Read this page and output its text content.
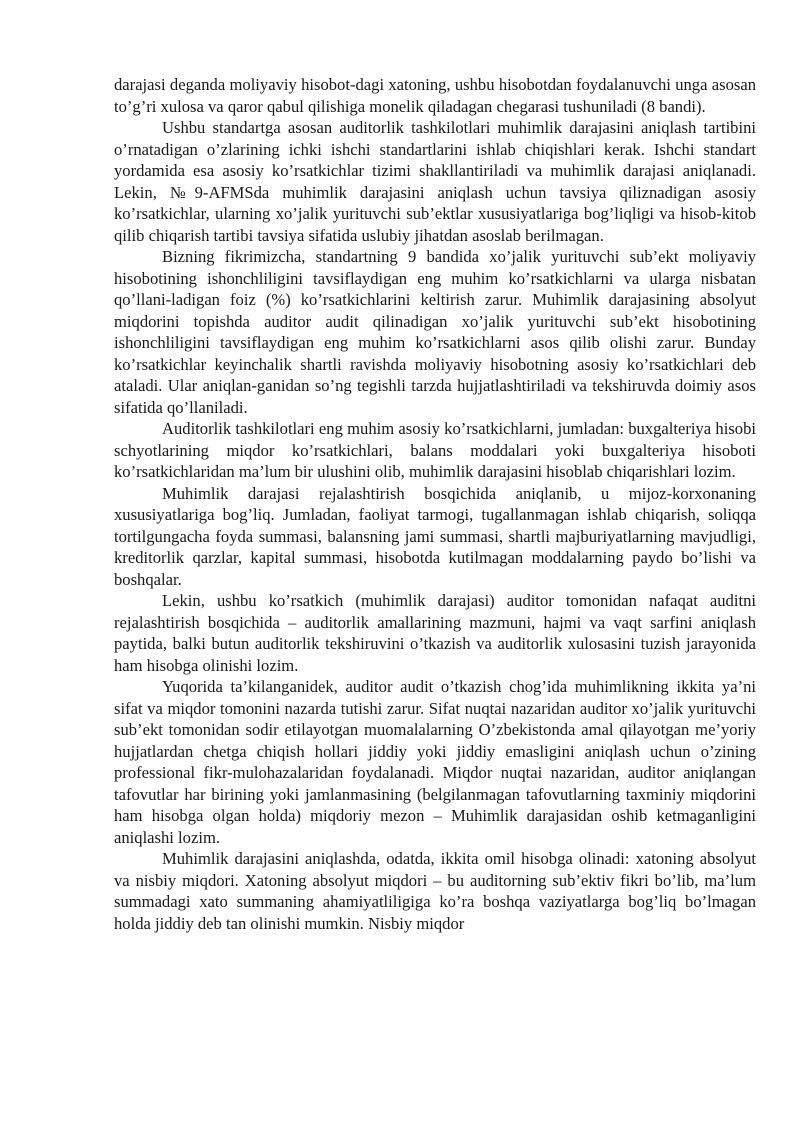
darajasi deganda moliyaviy hisobot-dagi xatoning, ushbu hisobotdan foydalanuvchi unga asosan to’g’ri xulosa va qaror qabul qilishiga monelik qiladagan chegarasi tushuniladi (8 bandi).

Ushbu standartga asosan auditorlik tashkilotlari muhimlik darajasini aniqlash tartibini o’rnatadigan o’zlarining ichki ishchi standartlarini ishlab chiqishlari kerak. Ishchi standart yordamida esa asosiy ko’rsatkichlar tizimi shakllantiriladi va muhimlik darajasi aniqlanadi. Lekin, №9-AFMSda muhimlik darajasini aniqlash uchun tavsiya qiliznadigan asosiy ko’rsatkichlar, ularning xo’jalik yurituvchi sub’ektlar xususiyatlariga bog’liqligi va hisob-kitob qilib chiqarish tartibi tavsiya sifatida uslubiy jihatdan asoslab berilmagan.

Bizning fikrimizcha, standartning 9 bandida xo’jalik yurituvchi sub’ekt moliyaviy hisobotining ishonchliligini tavsiflaydigan eng muhim ko’rsatkichlarni va ularga nisbatan qo’llani-ladigan foiz (%) ko’rsatkichlarini keltirish zarur. Muhimlik darajasining absolyut miqdorini topishda auditor audit qilinadigan xo’jalik yurituvchi sub’ekt hisobotining ishonchliligini tavsiflaydigan eng muhim ko’rsatkichlarni asos qilib olishi zarur. Bunday ko’rsatkichlar keyinchalik shartli ravishda moliyaviy hisobotning asosiy ko’rsatkichlari deb ataladi. Ular aniqlan-ganidan so’ng tegishli tarzda hujjatlashtiriladi va tekshiruvda doimiy asos sifatida qo’llaniladi.

Auditorlik tashkilotlari eng muhim asosiy ko’rsatkichlarni, jumladan: buxgalteriya hisobi schyotlarining miqdor ko’rsatkichlari, balans moddalari yoki buxgalteriya hisoboti ko’rsatkichlaridan ma’lum bir ulushini olib, muhimlik darajasini hisoblab chiqarishlari lozim.

Muhimlik darajasi rejalashtirish bosqichida aniqlanib, u mijoz-korxonaning xususiyatlariga bog’liq. Jumladan, faoliyat tarmogi, tugallanmagan ishlab chiqarish, soliqqa tortilgungacha foyda summasi, balansning jami summasi, shartli majburiyatlarning mavjudligi, kreditorlik qarzlar, kapital summasi, hisobotda kutilmagan moddalarning paydo bo’lishi va boshqalar.

Lekin, ushbu ko’rsatkich (muhimlik darajasi) auditor tomonidan nafaqat auditni rejalashtirish bosqichida – auditorlik amallarining mazmuni, hajmi va vaqt sarfini aniqlash paytida, balki butun auditorlik tekshiruvini o’tkazish va auditorlik xulosasini tuzish jarayonida ham hisobga olinishi lozim.

Yuqorida ta’kilanganidek, auditor audit o’tkazish chog’ida muhimlikning ikkita ya’ni sifat va miqdor tomonini nazarda tutishi zarur. Sifat nuqtai nazaridan auditor xo’jalik yurituvchi sub’ekt tomonidan sodir etilayotgan muomalalarning O’zbekistonda amal qilayotgan me’yoriy hujjatlardan chetga chiqish hollari jiddiy yoki jiddiy emasligini aniqlash uchun o’zining professional fikr-mulohazalaridan foydalanadi. Miqdor nuqtai nazaridan, auditor aniqlangan tafovutlar har birining yoki jamlanmasining (belgilanmagan tafovutlarning taxminiy miqdorini ham hisobga olgan holda) miqdoriy mezon – Muhimlik darajasidan oshib ketmaganligini aniqlashi lozim.

Muhimlik darajasini aniqlashda, odatda, ikkita omil hisobga olinadi: xatoning absolyut va nisbiy miqdori. Xatoning absolyut miqdori – bu auditorning sub’ektiv fikri bo’lib, ma’lum summadagi xato summaning ahamiyatliligiga ko’ra boshqa vaziyatlarga bog’liq bo’lmagan holda jiddiy deb tan olinishi mumkin. Nisbiy miqdor
